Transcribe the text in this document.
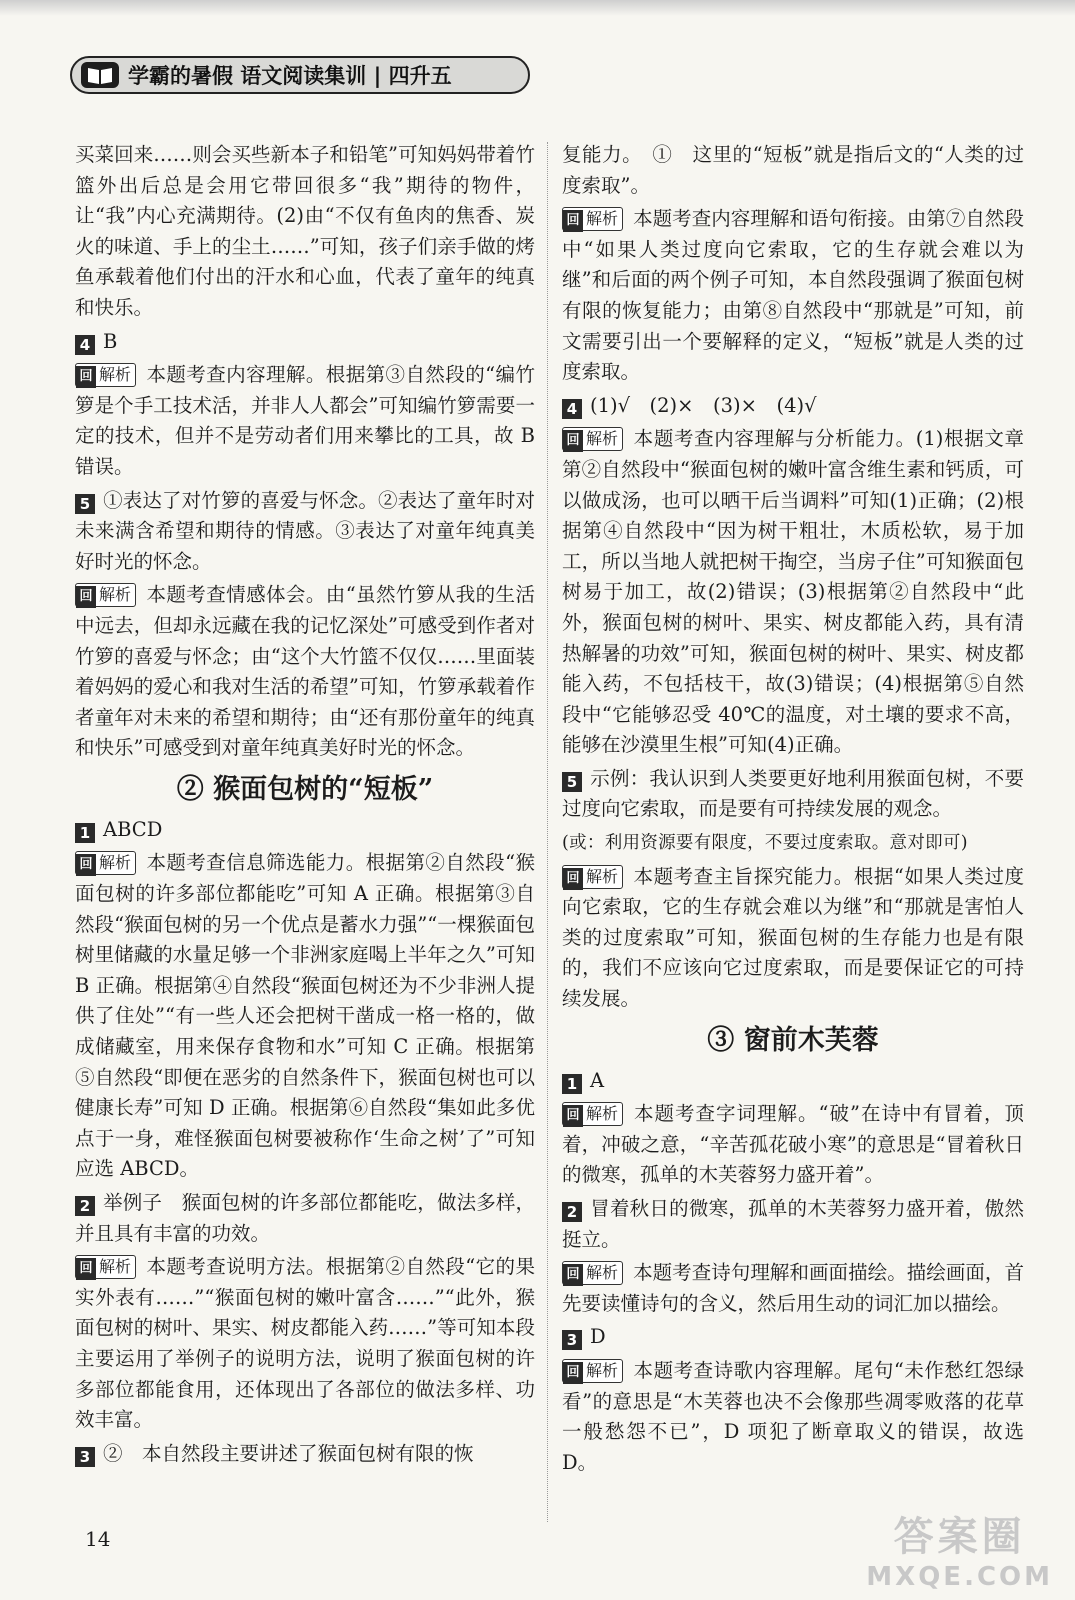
学霸的暑假 语文阅读集训 | 四升五

买菜回来……则会买些新本子和铅笔”可知妈妈带着竹篮外出后总是会用它带回很多“我”期待的物件，让“我”内心充满期待。(2)由“不仅有鱼肉的焦香、炭火的味道、手上的尘土……”可知，孩子们亲手做的烤鱼承载着他们付出的汗水和心血，代表了童年的纯真和快乐。

4 B

回 解析 本题考查内容理解。根据第③自然段的“编竹箩是个手工技术活，并非人人都会”可知编竹箩需要一定的技术，但并不是劳动者们用来攀比的工具，故 B 错误。

5 ①表达了对竹箩的喜爱与怀念。②表达了童年时对未来满含希望和期待的情感。③表达了对童年纯真美好时光的怀念。

回 解析 本题考查情感体会。由“虽然竹箩从我的生活中远去，但却永远藏在我的记忆深处”可感受到作者对竹箩的喜爱与怀念；由“这个大竹篮不仅仅……里面装着妈妈的爱心和我对生活的希望”可知，竹箩承载着作者童年对未来的希望和期待；由“还有那份童年的纯真和快乐”可感受到对童年纯真美好时光的怀念。

② 猴面包树的“短板”

1 ABCD

回 解析 本题考查信息筛选能力。根据第②自然段“猴面包树的许多部位都能吃”可知 A 正确。根据第③自然段“猴面包树的另一个优点是蓄水力强”“一棵猴面包树里储藏的水量足够一个非洲家庭喝上半年之久”可知 B 正确。根据第④自然段“猴面包树还为不少非洲人提供了住处”“有一些人还会把树干凿成一格一格的，做成储藏室，用来保存食物和水”可知 C 正确。根据第⑤自然段“即便在恶劣的自然条件下，猴面包树也可以健康长寿”可知 D 正确。根据第⑥自然段“集如此多优点于一身，难怪猴面包树要被称作‘生命之树’了”可知应选 ABCD。

2 举例子　猴面包树的许多部位都能吃，做法多样，并且具有丰富的功效。

回 解析 本题考查说明方法。根据第②自然段“它的果实外表有……”“猴面包树的嫩叶富含……”“此外，猴面包树的树叶、果实、树皮都能入药……”等可知本段主要运用了举例子的说明方法，说明了猴面包树的许多部位都能食用，还体现出了各部位的做法多样、功效丰富。

3 ②　本自然段主要讲述了猴面包树有限的恢

复能力。　①　这里的“短板”就是指后文的“人类的过度索取”。

回 解析 本题考查内容理解和语句衔接。由第⑦自然段中“如果人类过度向它索取，它的生存就会难以为继”和后面的两个例子可知，本自然段强调了猴面包树有限的恢复能力；由第⑧自然段中“那就是”可知，前文需要引出一个要解释的定义，“短板”就是人类的过度索取。

4 (1)√　(2)×　(3)×　(4)√

回 解析 本题考查内容理解与分析能力。(1)根据文章第②自然段中“猴面包树的嫩叶富含维生素和钙质，可以做成汤，也可以晒干后当调料”可知(1)正确；(2)根据第④自然段中“因为树干粗壮，木质松软，易于加工，所以当地人就把树干掏空，当房子住”可知猴面包树易于加工，故(2)错误；(3)根据第②自然段中“此外，猴面包树的树叶、果实、树皮都能入药，具有清热解暑的功效”可知，猴面包树的树叶、果实、树皮都能入药，不包括枝干，故(3)错误；(4)根据第⑤自然段中“它能够忍受 40℃的温度，对土壤的要求不高，能够在沙漠里生根”可知(4)正确。

5 示例：我认识到人类要更好地利用猴面包树，不要过度向它索取，而是要有可持续发展的观念。

(或：利用资源要有限度，不要过度索取。意对即可)

回 解析 本题考查主旨探究能力。根据“如果人类过度向它索取，它的生存就会难以为继”和“那就是害怕人类的过度索取”可知，猴面包树的生存能力也是有限的，我们不应该向它过度索取，而是要保证它的可持续发展。

③ 窗前木芙蓉

1 A

回 解析 本题考查字词理解。“破”在诗中有冒着，顶着，冲破之意，“辛苦孤花破小寒”的意思是“冒着秋日的微寒，孤单的木芙蓉努力盛开着”。

2 冒着秋日的微寒，孤单的木芙蓉努力盛开着，傲然挺立。

回 解析 本题考查诗句理解和画面描绘。描绘画面，首先要读懂诗句的含义，然后用生动的词汇加以描绘。

3 D

回 解析 本题考查诗歌内容理解。尾句“未作愁红怨绿看”的意思是“木芙蓉也决不会像那些凋零败落的花草一般愁怨不已”，D 项犯了断章取义的错误，故选 D。

14	答案圈
MXQE.COM
